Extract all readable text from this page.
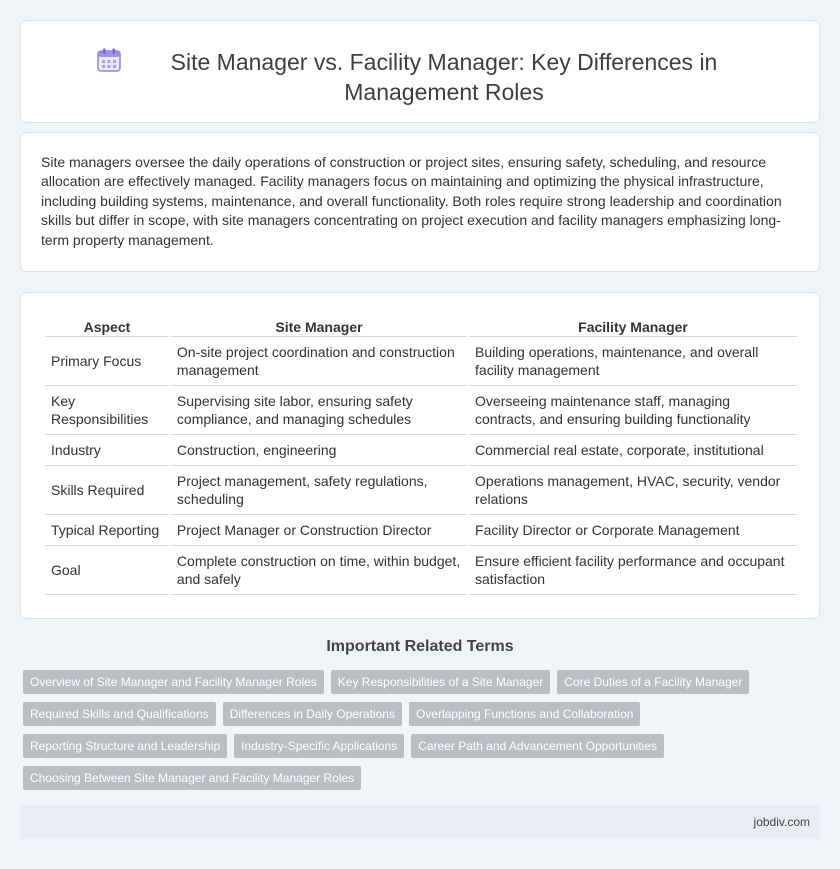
Site Manager vs. Facility Manager: Key Differences in Management Roles

Site managers oversee the daily operations of construction or project sites, ensuring safety, scheduling, and resource allocation are effectively managed. Facility managers focus on maintaining and optimizing the physical infrastructure, including building systems, maintenance, and overall functionality. Both roles require strong leadership and coordination skills but differ in scope, with site managers concentrating on project execution and facility managers emphasizing long-term property management.

Aspect	Site Manager	Facility Manager
Primary Focus	On-site project coordination and construction management	Building operations, maintenance, and overall facility management
Key Responsibilities	Supervising site labor, ensuring safety compliance, and managing schedules	Overseeing maintenance staff, managing contracts, and ensuring building functionality
Industry	Construction, engineering	Commercial real estate, corporate, institutional
Skills Required	Project management, safety regulations, scheduling	Operations management, HVAC, security, vendor relations
Typical Reporting	Project Manager or Construction Director	Facility Director or Corporate Management
Goal	Complete construction on time, within budget, and safely	Ensure efficient facility performance and occupant satisfaction
Important Related Terms
Overview of Site Manager and Facility Manager Roles	Key Responsibilities of a Site Manager	Core Duties of a Facility Manager
Required Skills and Qualifications	Differences in Daily Operations	Overlapping Functions and Collaboration
Reporting Structure and Leadership	Industry-Specific Applications	Career Path and Advancement Opportunities
Choosing Between Site Manager and Facility Manager Roles
jobdiv.com
